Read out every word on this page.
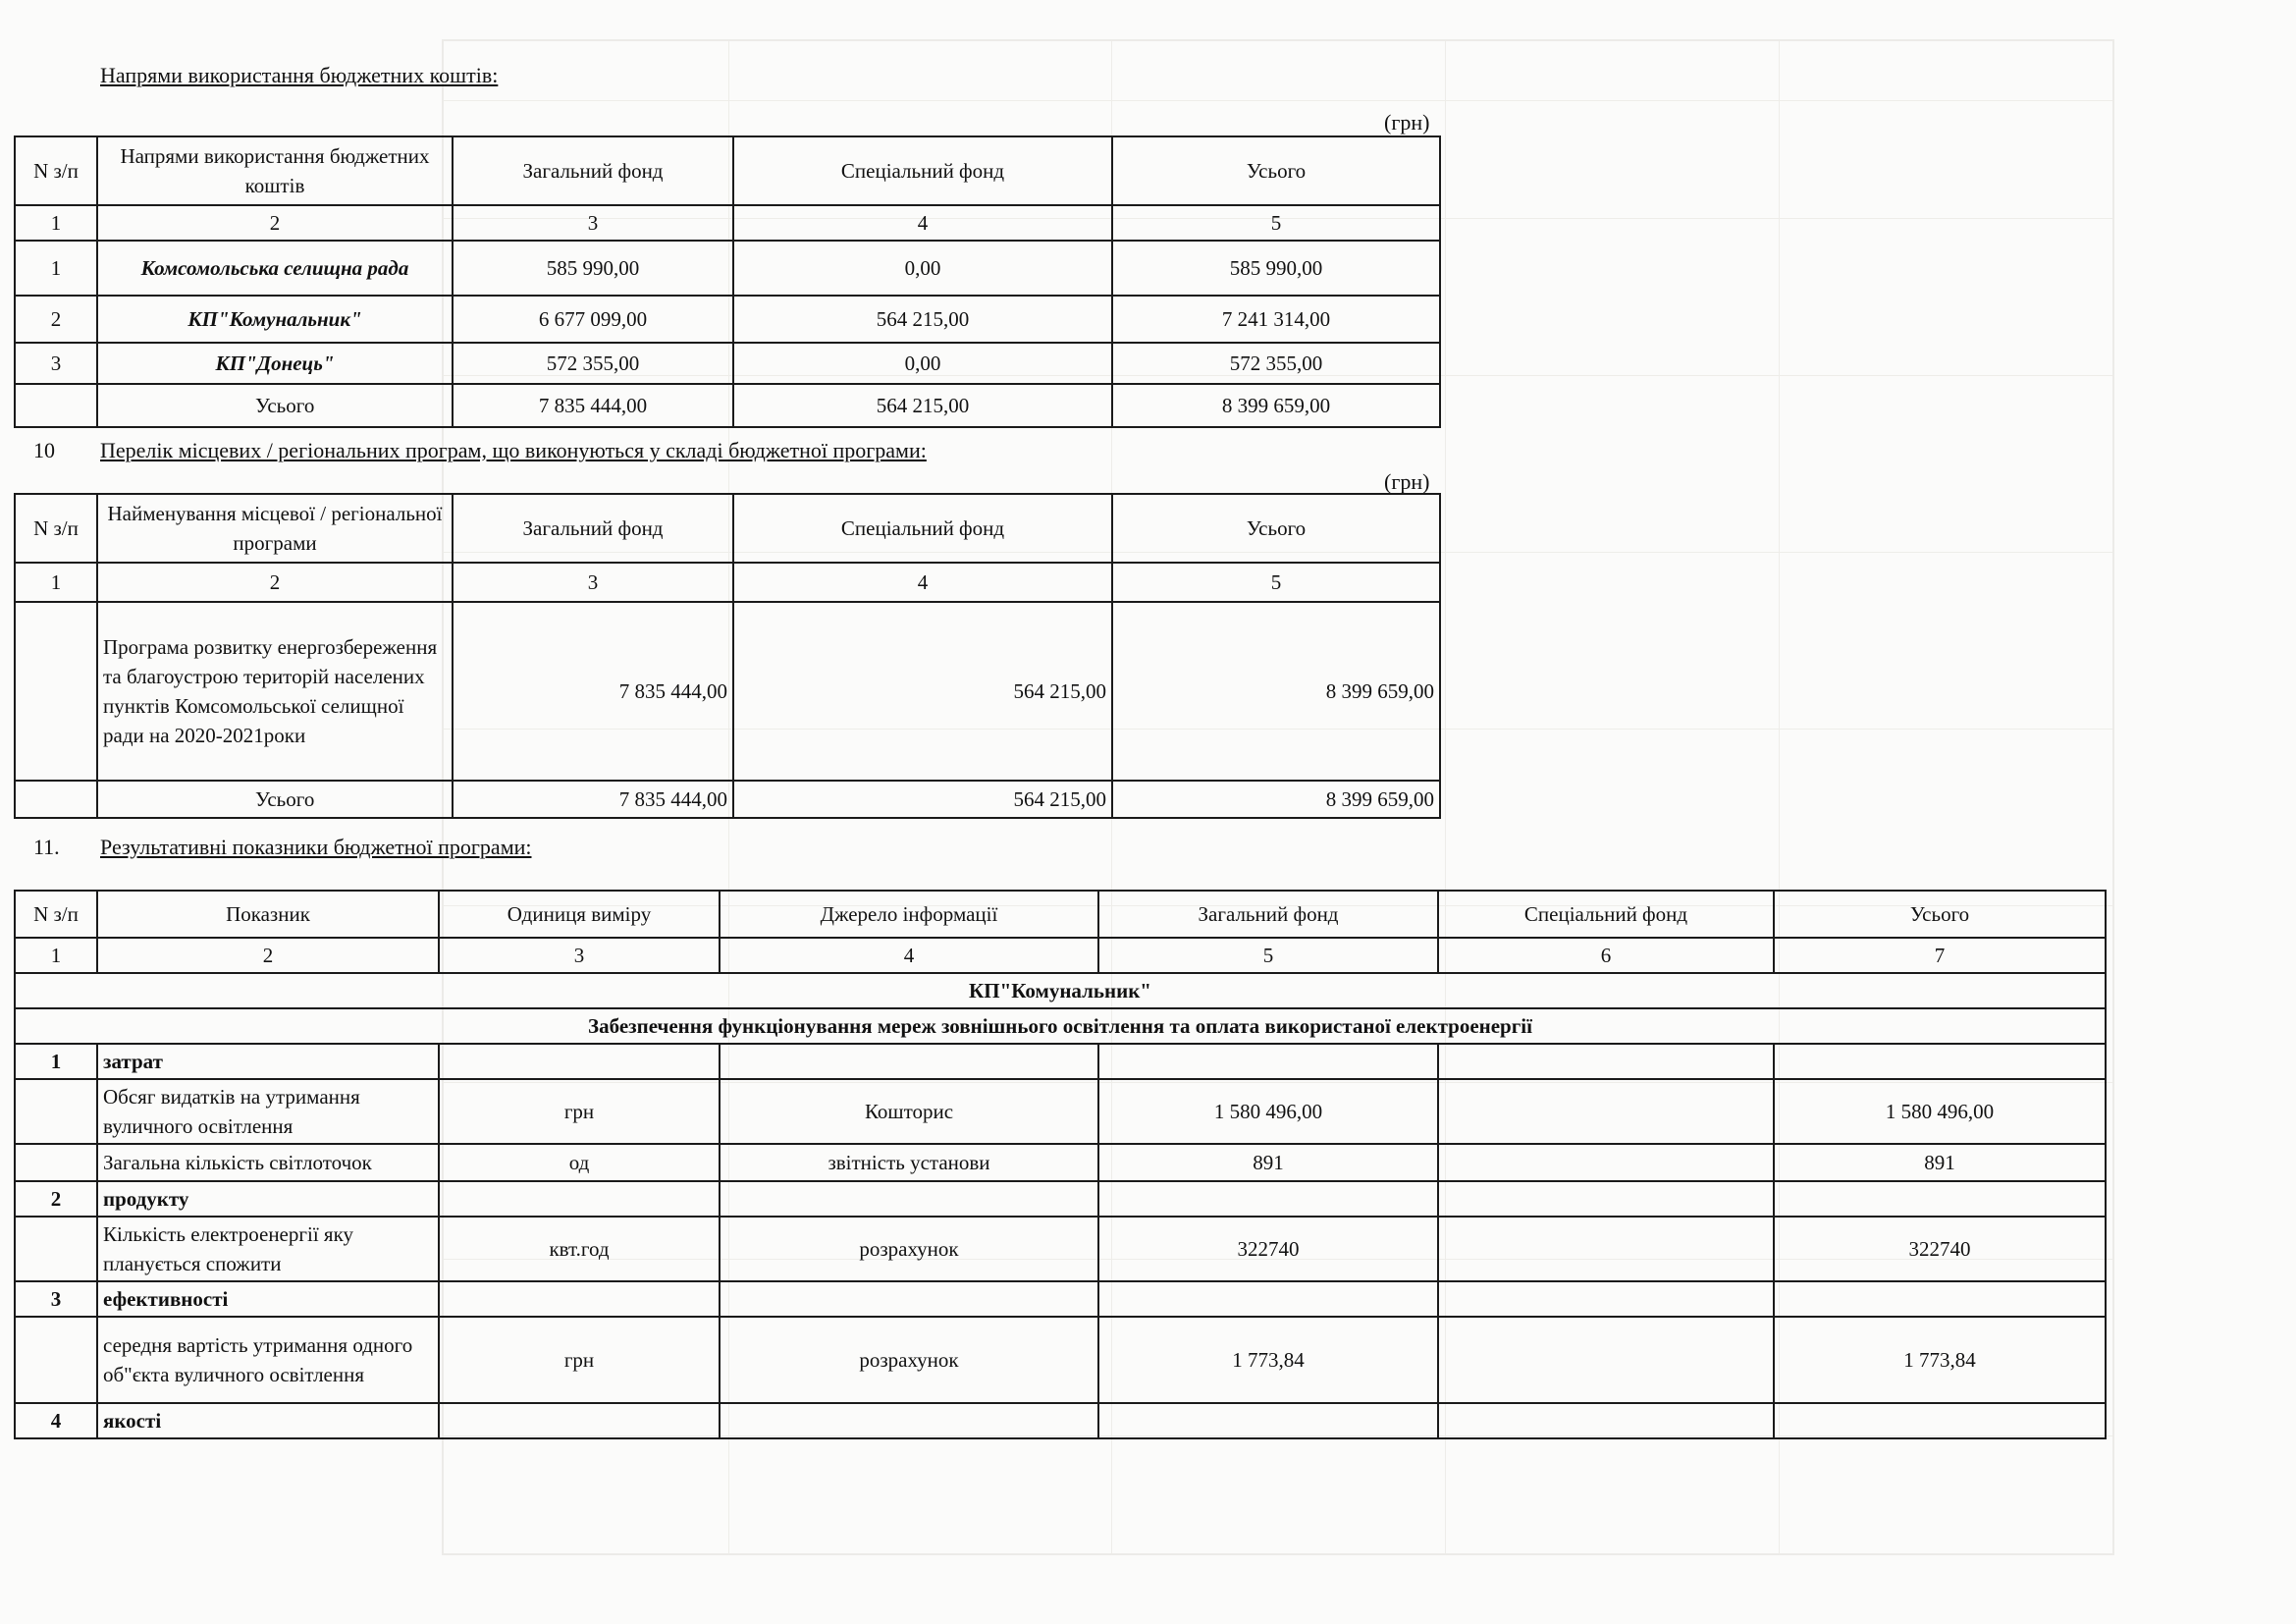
Напрями використання бюджетних коштів:
(грн)
N з/п	Напрями використання бюджетних коштів	Загальний фонд	Спеціальний фонд	Усього
1	2	3	4	5
1	Комсомольська селищна рада	585 990,00	0,00	585 990,00
2	КП"Комунальник"	6 677 099,00	564 215,00	7 241 314,00
3	КП"Донець"	572 355,00	0,00	572 355,00
	Усього	7 835 444,00	564 215,00	8 399 659,00
10 Перелік місцевих / регіональних програм, що виконуються у складі бюджетної програми:
(грн)
N з/п	Найменування місцевої / регіональної програми	Загальний фонд	Спеціальний фонд	Усього
1	2	3	4	5
	Програма розвитку енергозбереження та благоустрою територій населених пунктів Комсомольської селищної ради на 2020-2021роки	7 835 444,00	564 215,00	8 399 659,00
	Усього	7 835 444,00	564 215,00	8 399 659,00
11. Результативні показники бюджетної програми:
N з/п	Показник	Одиниця виміру	Джерело інформації	Загальний фонд	Спеціальний фонд	Усього
1	2	3	4	5	6	7
КП"Комунальник"						
Забезпечення функціонування мереж зовнішнього освітлення та оплата використаної електроенергії						
1	затрат					
	Обсяг видатків на утримання вуличного освітлення	грн	Кошторис	1 580 496,00		1 580 496,00
	Загальна кількість світлоточок	од	звітність установи	891		891
2	продукту					
	Кількість електроенергії яку планується спожити	квт.год	розрахунок	322740		322740
3	ефективності					
	середня вартість утримання одного об"єкта вуличного освітлення	грн	розрахунок	1 773,84		1 773,84
4	якості					
